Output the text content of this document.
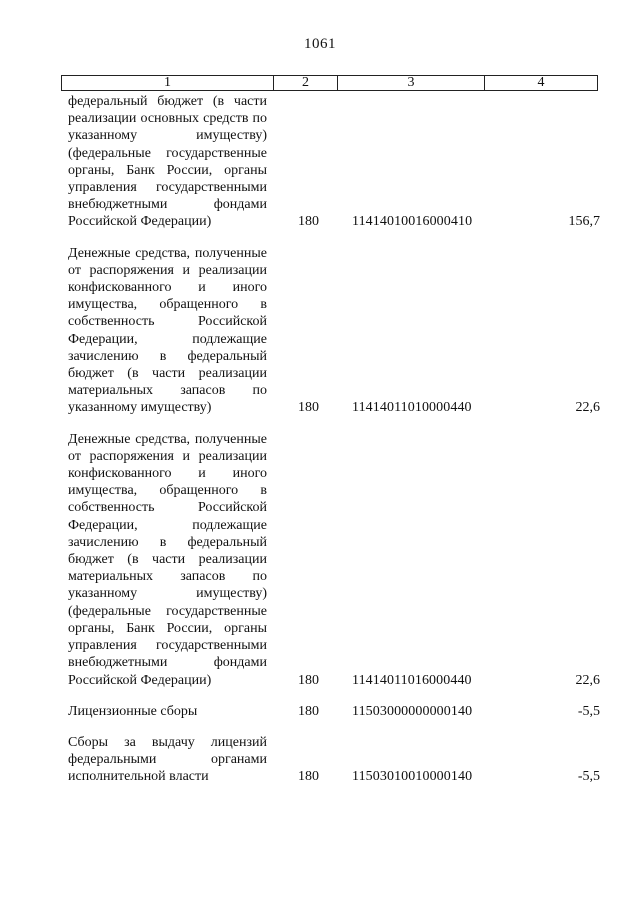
1061
1	2	3	4
федеральный бюджет (в части реализации основных средств по указанному имуществу) (федеральные государственные органы, Банк России, органы управления государственными внебюджетными фондами Российской Федерации)	180	11414010016000410	156,7
Денежные средства, полученные от распоряжения и реализации конфискованного и иного имущества, обращенного в собственность Российской Федерации, подлежащие зачислению в федеральный бюджет (в части реализации материальных запасов по указанному имуществу)	180	11414011010000440	22,6
Денежные средства, полученные от распоряжения и реализации конфискованного и иного имущества, обращенного в собственность Российской Федерации, подлежащие зачислению в федеральный бюджет (в части реализации материальных запасов по указанному имуществу) (федеральные государственные органы, Банк России, органы управления государственными внебюджетными фондами Российской Федерации)	180	11414011016000440	22,6
Лицензионные сборы	180	11503000000000140	-5,5
Сборы за выдачу лицензий федеральными органами исполнительной власти	180	11503010010000140	-5,5
